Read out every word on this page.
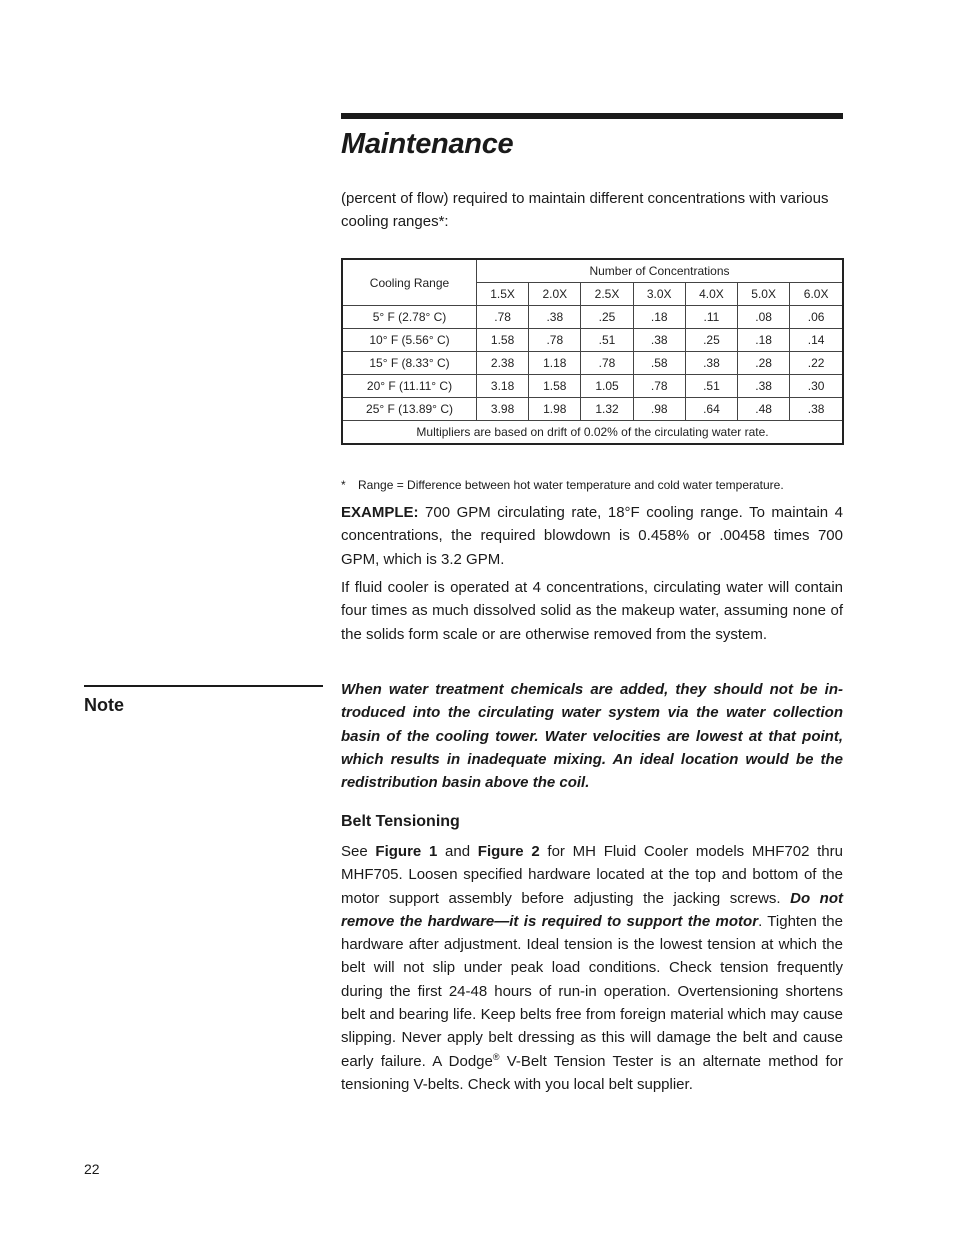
Maintenance

(percent of flow) required to maintain different concentrations with various cooling ranges*:

Cooling Range	Number of Concentrations						
	1.5X	2.0X	2.5X	3.0X	4.0X	5.0X	6.0X
5° F (2.78° C)	.78	.38	.25	.18	.11	.08	.06
10° F (5.56° C)	1.58	.78	.51	.38	.25	.18	.14
15° F (8.33° C)	2.38	1.18	.78	.58	.38	.28	.22
20° F (11.11° C)	3.18	1.58	1.05	.78	.51	.38	.30
25° F (13.89° C)	3.98	1.98	1.32	.98	.64	.48	.38
Multipliers are based on drift of 0.02% of the circulating water rate.							

* Range = Difference between hot water temperature and cold water temperature.

EXAMPLE: 700 GPM circulating rate, 18°F cooling range. To maintain 4 concentrations, the required blowdown is 0.458% or .00458 times 700 GPM, which is 3.2 GPM.

If fluid cooler is operated at 4 concentrations, circulating water will contain four times as much dissolved solid as the makeup water, assuming none of the solids form scale or are otherwise removed from the system.

Note

When water treatment chemicals are added, they should not be in-troduced into the circulating water system via the water collection basin of the cooling tower. Water velocities are lowest at that point, which results in inadequate mixing. An ideal location would be the redistribution basin above the coil.

Belt Tensioning

See Figure 1 and Figure 2 for MH Fluid Cooler models MHF702 thru MHF705. Loosen specified hardware located at the top and bottom of the motor support assembly before adjusting the jacking screws. Do not remove the hardware—it is required to support the motor. Tighten the hardware after adjustment. Ideal tension is the lowest tension at which the belt will not slip under peak load conditions. Check tension frequently during the first 24-48 hours of run-in operation. Overtensioning shortens belt and bearing life. Keep belts free from foreign material which may cause slipping. Never apply belt dressing as this will damage the belt and cause early failure. A Dodge® V-Belt Tension Tester is an alternate method for tensioning V-belts. Check with you local belt supplier.

22
